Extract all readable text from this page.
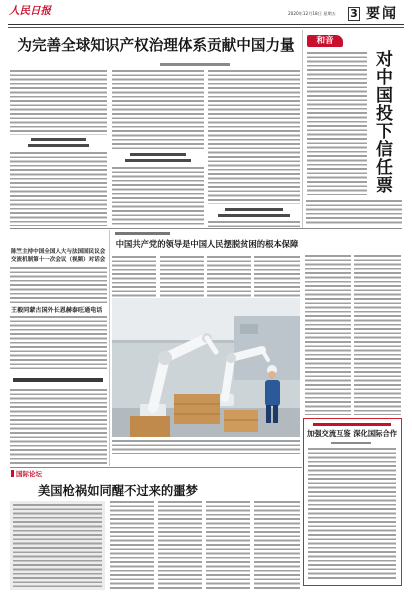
人民日报	2020年12月18日 星期五 3 要闻
为完善全球知识产权治理体系贡献中国力量	和音
对中国投下信任票
陈竺主持中国全国人大与法国国民议会交流机制第十一次会议（视频）对话会
王毅同蒙古国外长恩赫泰旺通电话
中国共产党的领导是中国人民摆脱贫困的根本保障
加强交流互鉴 深化国际合作
国际论坛
美国枪祸如同醒不过来的噩梦
